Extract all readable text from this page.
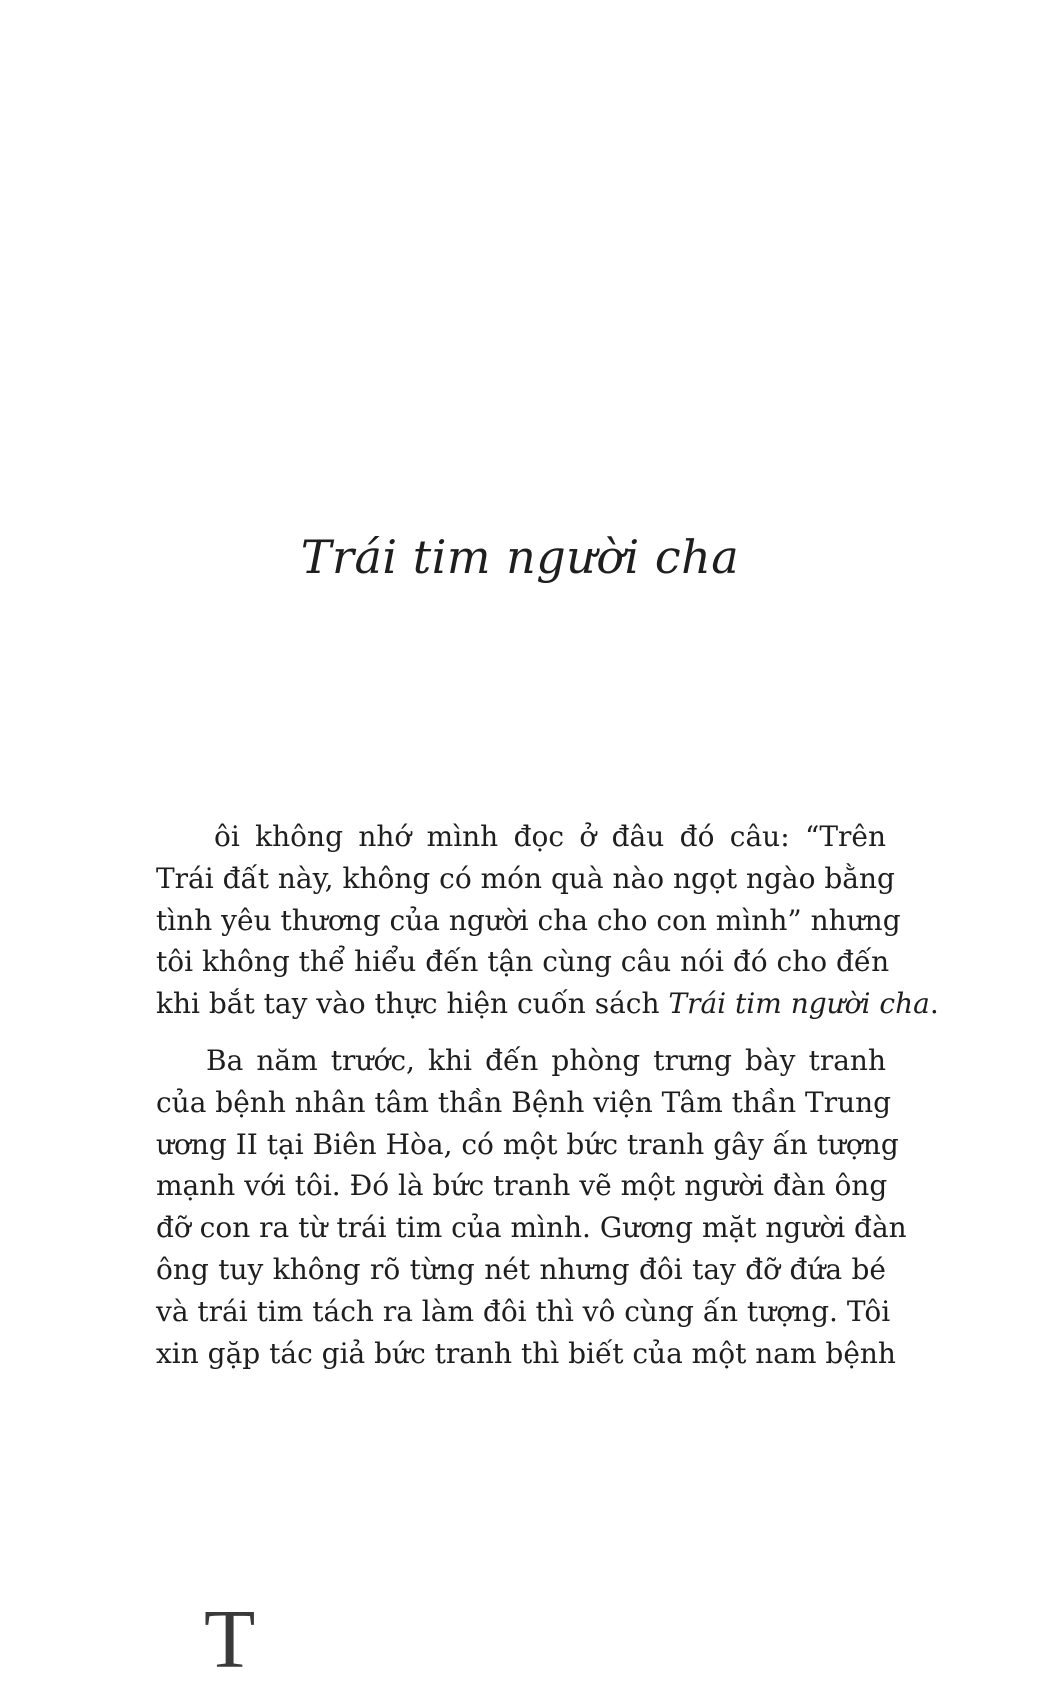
Trái tim người cha
T
ôi không nhớ mình đọc ở đâu đó câu: “Trên
Trái đất này, không có món quà nào ngọt ngào bằng
tình yêu thương của người cha cho con mình” nhưng
tôi không thể hiểu đến tận cùng câu nói đó cho đến
khi bắt tay vào thực hiện cuốn sách Trái tim người cha.
Ba năm trước, khi đến phòng trưng bày tranh
của bệnh nhân tâm thần Bệnh viện Tâm thần Trung
ương II tại Biên Hòa, có một bức tranh gây ấn tượng
mạnh với tôi. Đó là bức tranh vẽ một người đàn ông
đỡ con ra từ trái tim của mình. Gương mặt người đàn
ông tuy không rõ từng nét nhưng đôi tay đỡ đứa bé
và trái tim tách ra làm đôi thì vô cùng ấn tượng. Tôi
xin gặp tác giả bức tranh thì biết của một nam bệnh
